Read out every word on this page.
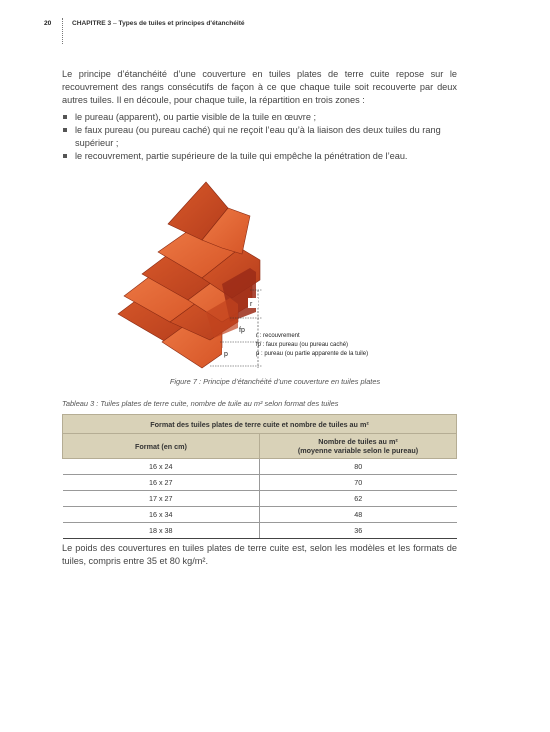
20	CHAPITRE 3 – Types de tuiles et principes d'étanchéité

Le principe d’étanchéité d’une couverture en tuiles plates de terre cuite repose sur le recouvrement des rangs consécutifs de façon à ce que chaque tuile soit recouverte par deux autres tuiles. Il en découle, pour chaque tuile, la répartition en trois zones :

le pureau (apparent), ou partie visible de la tuile en œuvre ;
le faux pureau (ou pureau caché) qui ne reçoit l’eau qu’à la liaison des deux tuiles du rang supérieur ;
le recouvrement, partie supérieure de la tuile qui empêche la pénétration de l’eau.
r
fp
p
r : recouvrement
fp : faux pureau (ou pureau caché)
p : pureau (ou partie apparente de la tuile)
Figure 7 : Principe d’étanchéité d’une couverture en tuiles plates
Tableau 3 : Tuiles plates de terre cuite, nombre de tuile au m² selon format des tuiles
Format des tuiles plates de terre cuite et nombre de tuiles au m²	
Format (en cm)	Nombre de tuiles au m²
(moyenne variable selon le pureau)
16 x 24	80
16 x 27	70
17 x 27	62
16 x 34	48
18 x 38	36

Le poids des couvertures en tuiles plates de terre cuite est, selon les modèles et les formats de tuiles, compris entre 35 et 80 kg/m².
